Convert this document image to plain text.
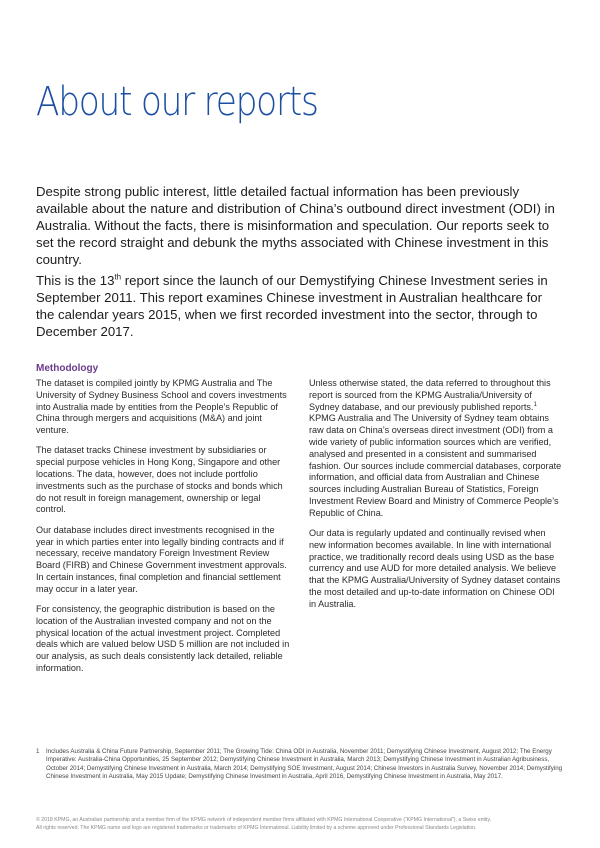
About our reports

Despite strong public interest, little detailed factual information has been previously available about the nature and distribution of China’s outbound direct investment (ODI) in Australia. Without the facts, there is misinformation and speculation. Our reports seek to set the record straight and debunk the myths associated with Chinese investment in this country.

This is the 13th report since the launch of our Demystifying Chinese Investment series in September 2011. This report examines Chinese investment in Australian healthcare for the calendar years 2015, when we first recorded investment into the sector, through to December 2017.

Methodology

The dataset is compiled jointly by KPMG Australia and The University of Sydney Business School and covers investments into Australia made by entities from the People’s Republic of China through mergers and acquisitions (M&A) and joint venture.

The dataset tracks Chinese investment by subsidiaries or special purpose vehicles in Hong Kong, Singapore and other locations. The data, however, does not include portfolio investments such as the purchase of stocks and bonds which do not result in foreign management, ownership or legal control.

Our database includes direct investments recognised in the year in which parties enter into legally binding contracts and if necessary, receive mandatory Foreign Investment Review Board (FIRB) and Chinese Government investment approvals. In certain instances, final completion and financial settlement may occur in a later year.

For consistency, the geographic distribution is based on the location of the Australian invested company and not on the physical location of the actual investment project. Completed deals which are valued below USD 5 million are not included in our analysis, as such deals consistently lack detailed, reliable information.

Unless otherwise stated, the data referred to throughout this report is sourced from the KPMG Australia/University of Sydney database, and our previously published reports.$^1$ KPMG Australia and The University of Sydney team obtains raw data on China’s overseas direct investment (ODI) from a wide variety of public information sources which are verified, analysed and presented in a consistent and summarised fashion. Our sources include commercial databases, corporate information, and official data from Australian and Chinese sources including Australian Bureau of Statistics, Foreign Investment Review Board and Ministry of Commerce People’s Republic of China.

Our data is regularly updated and continually revised when new information becomes available. In line with international practice, we traditionally record deals using USD as the base currency and use AUD for more detailed analysis. We believe that the KPMG Australia/University of Sydney dataset contains the most detailed and up-to-date information on Chinese ODI in Australia.

1 Includes Australia & China Future Partnership, September 2011; The Growing Tide: China ODI in Australia, November 2011; Demystifying Chinese Investment, August 2012; The Energy Imperative: Australia-China Opportunities, 25 September 2012; Demystifying Chinese Investment in Australia, March 2013; Demystifying Chinese Investment in Australian Agribusiness, October 2014; Demystifying Chinese Investment in Australia, March 2014; Demystifying SOE Investment, August 2014; Chinese Investors in Australia Survey, November 2014; Demystifying Chinese Investment in Australia, May 2015 Update; Demystifying Chinese Investment in Australia, April 2016, Demystifying Chinese Investment in Australia, May 2017.

© 2018 KPMG, an Australian partnership and a member firm of the KPMG network of independent member firms affiliated with KPMG International Cooperative (“KPMG International”), a Swiss entity.

All rights reserved. The KPMG name and logo are registered trademarks or trademarks of KPMG International. Liability limited by a scheme approved under Professional Standards Legislation.
